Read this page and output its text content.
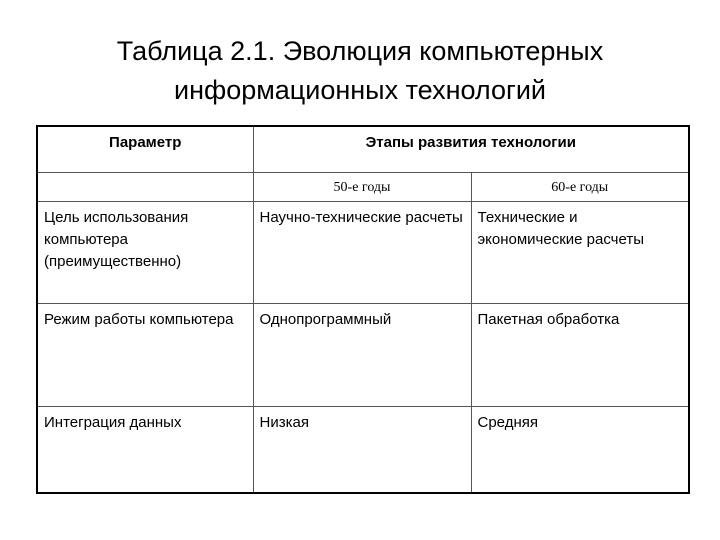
Таблица 2.1. Эволюция компьютерных
информационных технологий
Параметр	Этапы развития технологии	

	50-е годы	60-е годы

Цель использования компьютера (преимущественно)	Научно-технические расчеты	Технические и экономические расчеты
Режим работы компьютера	Однопрограммный	Пакетная обработка
Интеграция данных	Низкая	Средняя
